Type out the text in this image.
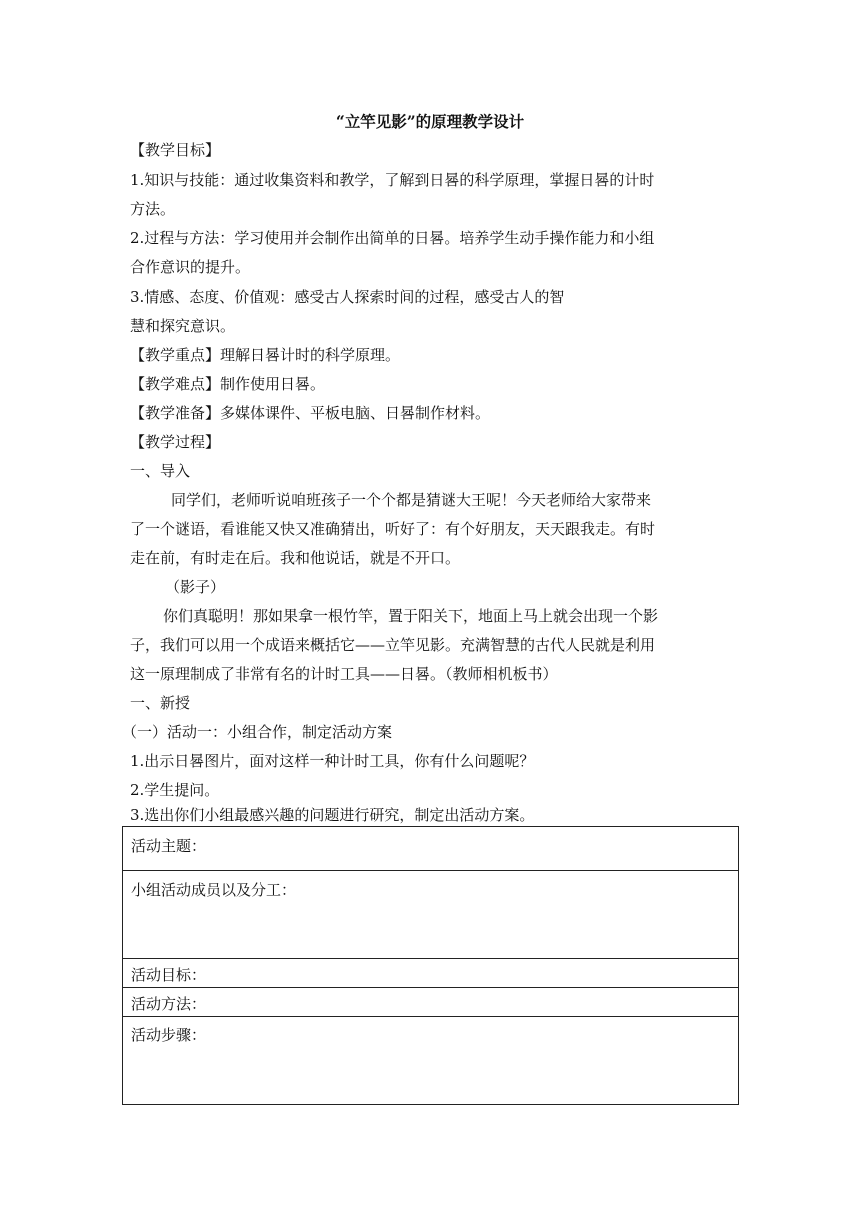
“立竿见影”的原理教学设计
【教学目标】
1.知识与技能：通过收集资料和教学，了解到日晷的科学原理，掌握日晷的计时
方法。
2.过程与方法：学习使用并会制作出简单的日晷。培养学生动手操作能力和小组
合作意识的提升。
3.情感、态度、价值观：感受古人探索时间的过程，感受古人的智
慧和探究意识。
【教学重点】理解日晷计时的科学原理。
【教学难点】制作使用日晷。
【教学准备】多媒体课件、平板电脑、日晷制作材料。
【教学过程】
一、导入
同学们，老师听说咱班孩子一个个都是猜谜大王呢！今天老师给大家带来
了一个谜语，看谁能又快又准确猜出，听好了：有个好朋友，天天跟我走。有时
走在前，有时走在后。我和他说话，就是不开口。
（影子）
你们真聪明！那如果拿一根竹竿，置于阳关下，地面上马上就会出现一个影
子，我们可以用一个成语来概括它——立竿见影。充满智慧的古代人民就是利用
这一原理制成了非常有名的计时工具——日晷。（教师相机板书）
一、新授
（一）活动一：小组合作，制定活动方案
1.出示日晷图片，面对这样一种计时工具，你有什么问题呢？
2.学生提问。
3.选出你们小组最感兴趣的问题进行研究，制定出活动方案。
活动主题：
小组活动成员以及分工：
活动目标：
活动方法：
活动步骤：
